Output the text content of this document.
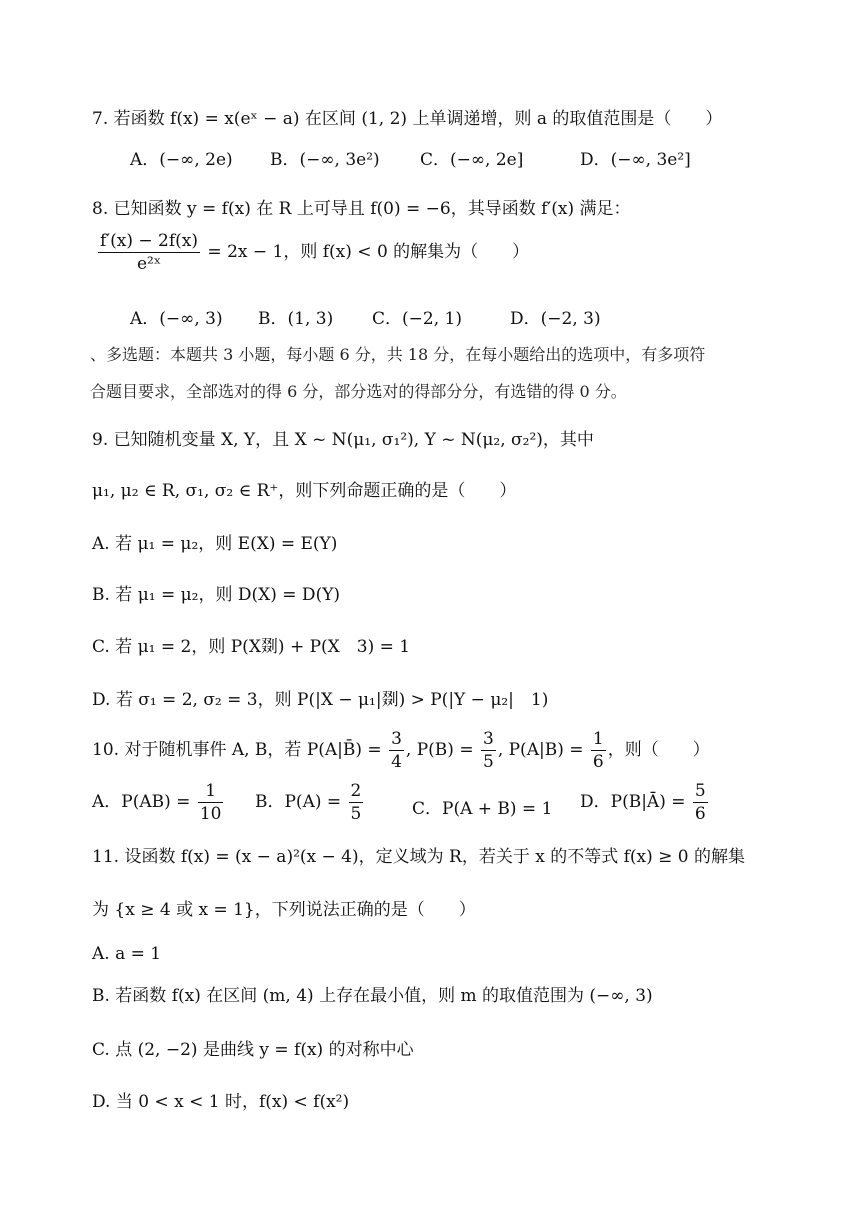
7. 若函数 f(x) = x(eˣ − a) 在区间 (1, 2) 上单调递增，则 a 的取值范围是（　　）
A．(−∞, 2e) B．(−∞, 3e²) C．(−∞, 2e]	D．(−∞, 3e²]
8. 已知函数 y = f(x) 在 R 上可导且 f(0) = −6，其导函数 f′(x) 满足：
$\frac{f'(x) - 2f(x)}{\text{e²ˣ}} = 2x - 1$，则 f(x) < 0 的解集为（　　）
A．(−∞, 3) B．(1, 3) C．(−2, 1)	D．(−2, 3)
、多选题：本题共 3 小题，每小题 6 分，共 18 分，在每小题给出的选项中，有多项符
合题目要求，全部选对的得 6 分，部分选对的得部分分，有选错的得 0 分。
9. 已知随机变量 X, Y，且 X ~ N(μ₁, σ₁²), Y ~ N(μ₂, σ₂²)，其中
μ₁, μ₂ ∈ R, σ₁, σ₂ ∈ R⁺，则下列命题正确的是（　　）
A. 若 μ₁ = μ₂，则 E(X) = E(Y)
B. 若 μ₁ = μ₂，则 D(X) = D(Y)
C. 若 μ₁ = 2，则 P(X剟) + P(X　3) = 1
D. 若 σ₁ = 2, σ₂ = 3，则 P(|X − μ₁|剟) > P(|Y − μ₂|　1)
10. 对于随机事件 A, B，若 P(A|B̄) = $\frac{3}{4}$ , $P(B) = \frac{3}{5}$ , $P(A|B) = \frac{1}{6}$ ，则（　　）
A．$P(AB) = \frac{1}{10}$ B．$P(A) = \frac{2}{5}$	C．P(A + B) = 1 D．P(B|Ā) = $\frac{5}{6}$
11. 设函数 f(x) = (x − a)²(x − 4)，定义域为 R，若关于 x 的不等式 f(x) ≥ 0 的解集
为 {x ≥ 4 或 x = 1}，下列说法正确的是（　　）
A. a = 1
B. 若函数 f(x) 在区间 (m, 4) 上存在最小值，则 m 的取值范围为 (−∞, 3)
C. 点 (2, −2) 是曲线 y = f(x) 的对称中心
D. 当 0 < x < 1 时，f(x) < f(x²)
